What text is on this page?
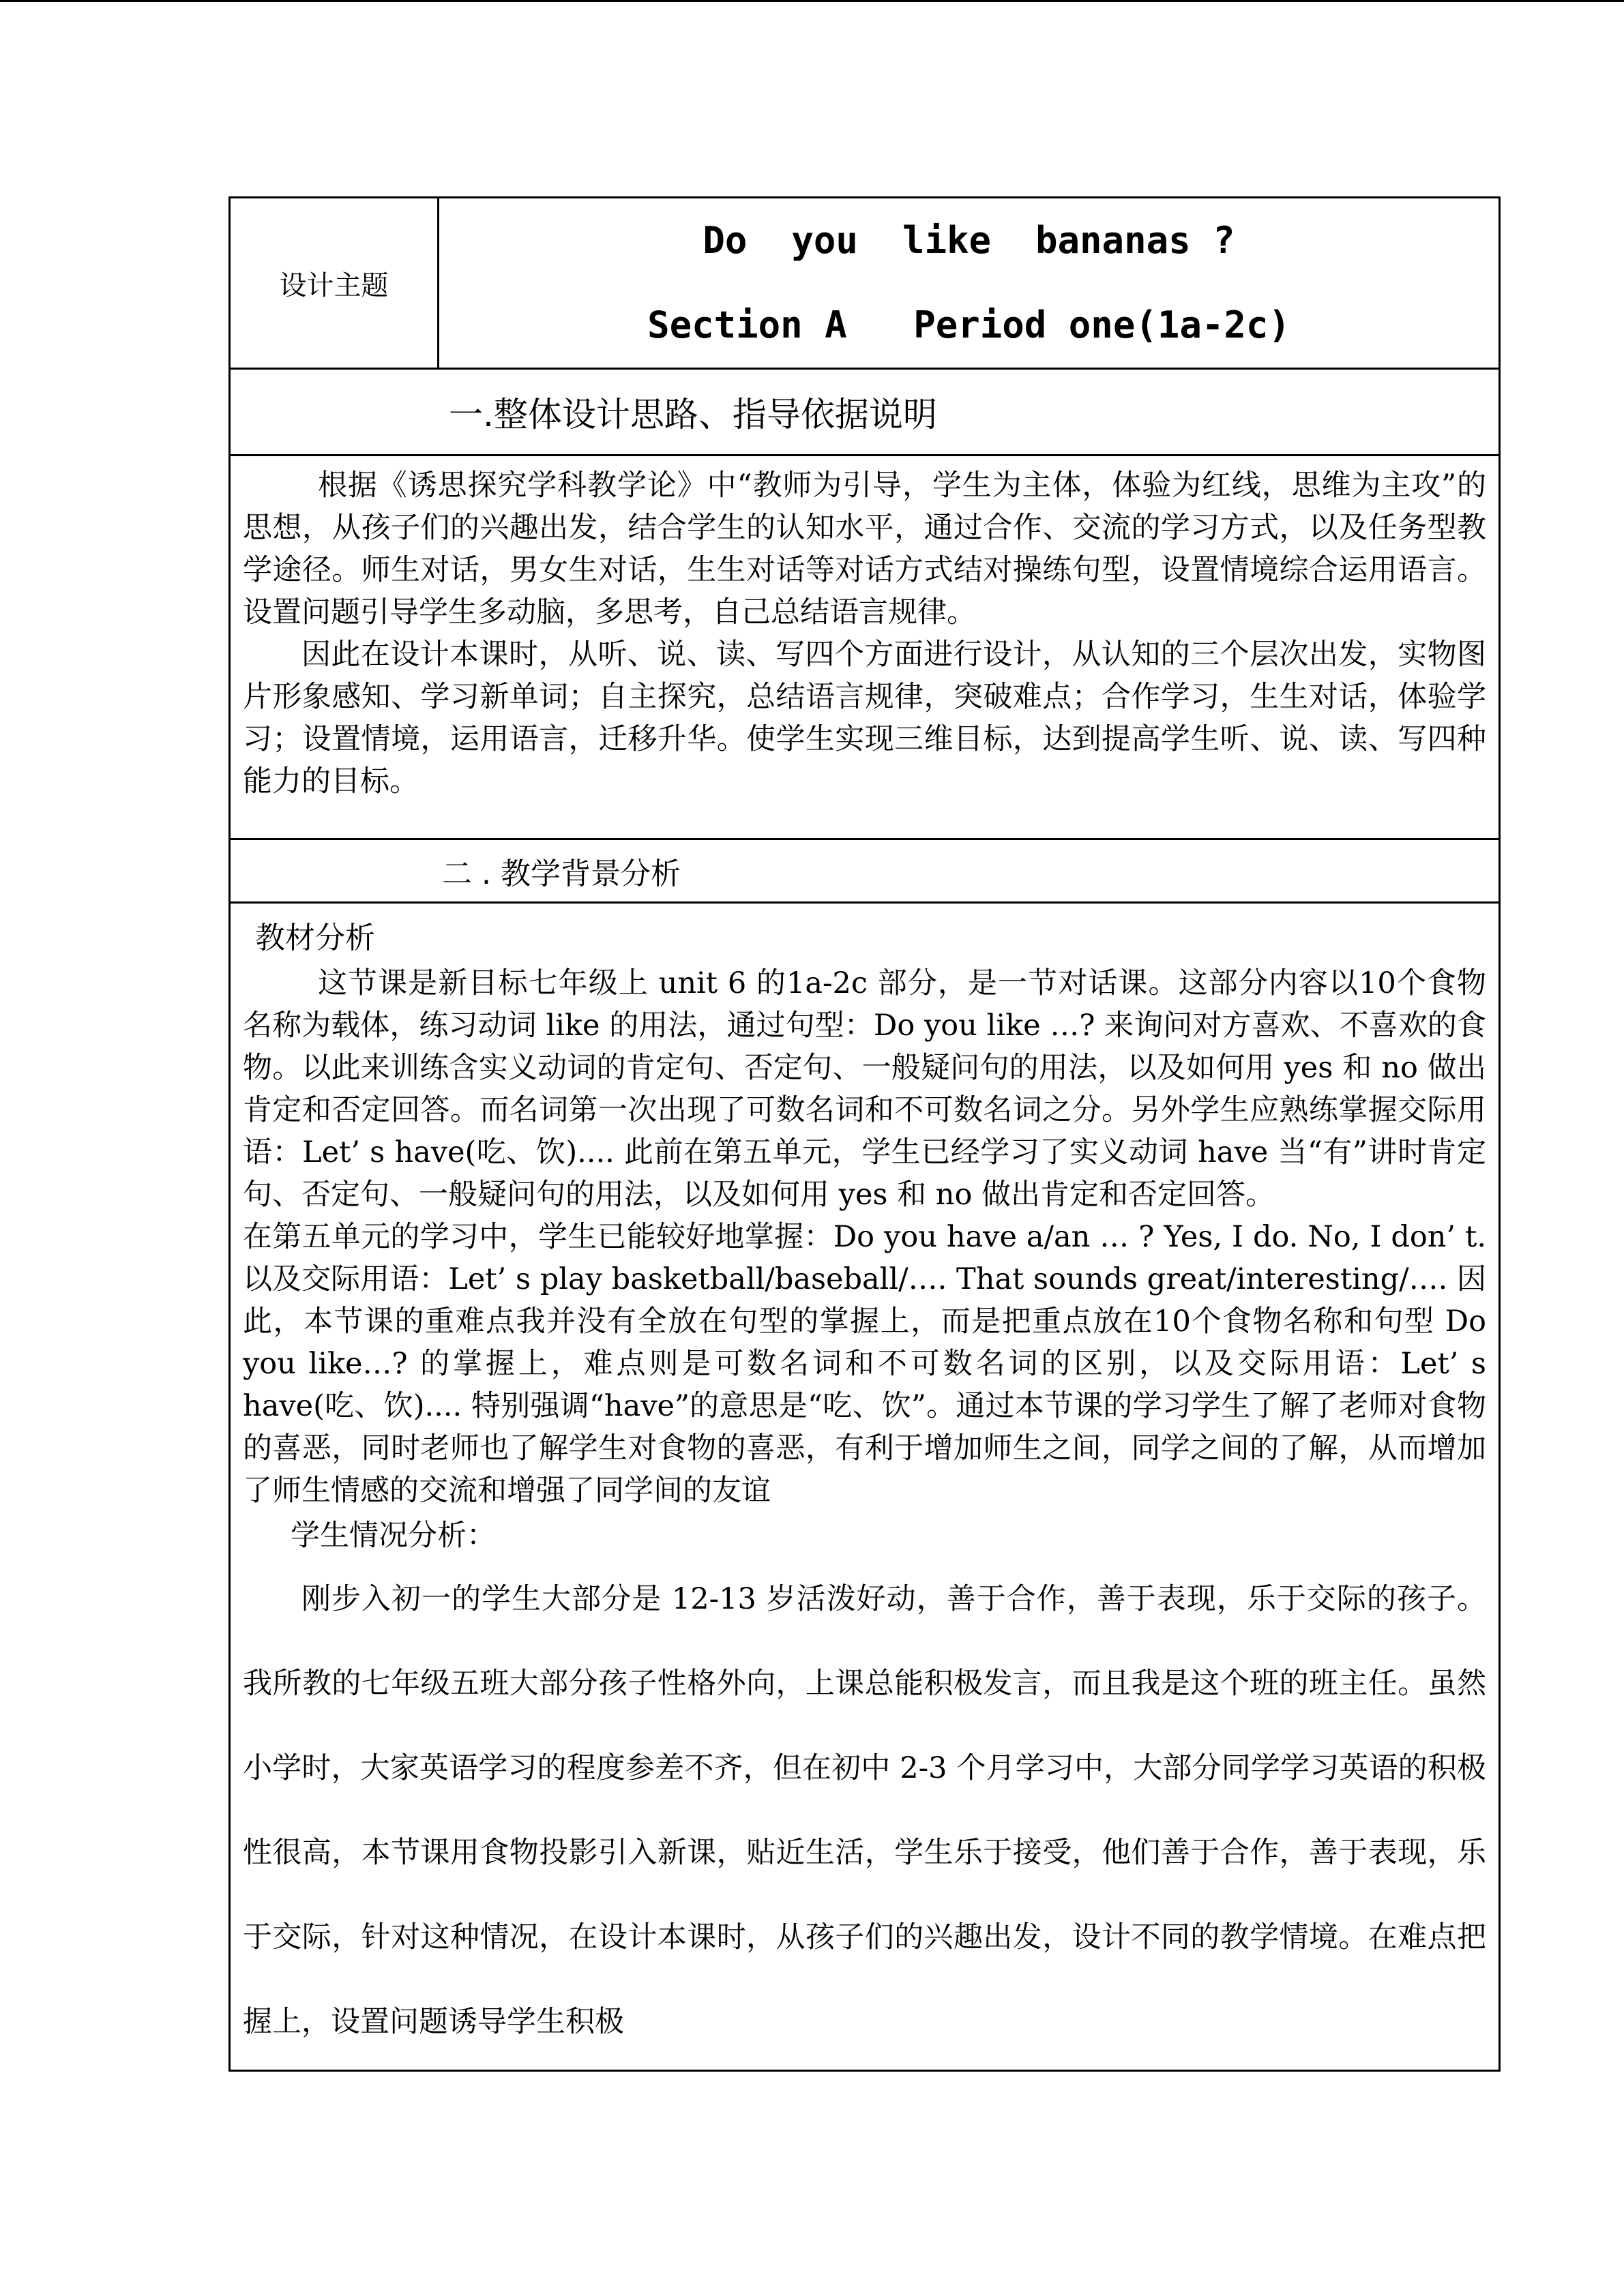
设计主题	
Do  you  like  bananas ?
Section A   Period one(1a-2c)

一.整体设计思路、指导依据说明

根据《诱思探究学科教学论》中“教师为引导，学生为主体，体验为红线，思维为主攻”的思想，从孩子们的兴趣出发，结合学生的认知水平，通过合作、交流的学习方式，以及任务型教学途径。师生对话，男女生对话，生生对话等对话方式结对操练句型，设置情境综合运用语言。设置问题引导学生多动脑，多思考，自己总结语言规律。

因此在设计本课时，从听、说、读、写四个方面进行设计，从认知的三个层次出发，实物图片形象感知、学习新单词；自主探究，总结语言规律，突破难点；合作学习，生生对话，体验学习；设置情境，运用语言，迁移升华。使学生实现三维目标，达到提高学生听、说、读、写四种能力的目标。

二 . 教学背景分析

教材分析

这节课是新目标七年级上 unit 6 的1a-2c 部分，是一节对话课。这部分内容以10个食物名称为载体，练习动词 like 的用法，通过句型：Do you like …? 来询问对方喜欢、不喜欢的食物。以此来训练含实义动词的肯定句、否定句、一般疑问句的用法，以及如何用 yes 和 no 做出肯定和否定回答。而名词第一次出现了可数名词和不可数名词之分。另外学生应熟练掌握交际用语：Let’ s have(吃、饮).... 此前在第五单元，学生已经学习了实义动词 have 当“有”讲时肯定句、否定句、一般疑问句的用法，以及如何用 yes 和 no 做出肯定和否定回答。

在第五单元的学习中，学生已能较好地掌握：Do you have a/an … ? Yes, I do. No, I don’ t.以及交际用语：Let’ s play basketball/baseball/…. That sounds great/interesting/…. 因此，本节课的重难点我并没有全放在句型的掌握上，而是把重点放在10个食物名称和句型 Do you like…? 的掌握上，难点则是可数名词和不可数名词的区别，以及交际用语：Let’ s have(吃、饮).... 特别强调“have”的意思是“吃、饮”。通过本节课的学习学生了解了老师对食物的喜恶，同时老师也了解学生对食物的喜恶，有利于增加师生之间，同学之间的了解，从而增加了师生情感的交流和增强了同学间的友谊

学生情况分析：

刚步入初一的学生大部分是 12-13 岁活泼好动，善于合作，善于表现，乐于交际的孩子。我所教的七年级五班大部分孩子性格外向，上课总能积极发言，而且我是这个班的班主任。虽然小学时，大家英语学习的程度参差不齐，但在初中 2-3 个月学习中，大部分同学学习英语的积极性很高，本节课用食物投影引入新课，贴近生活，学生乐于接受，他们善于合作，善于表现，乐于交际，针对这种情况，在设计本课时，从孩子们的兴趣出发，设计不同的教学情境。在难点把握上，设置问题诱导学生积极
